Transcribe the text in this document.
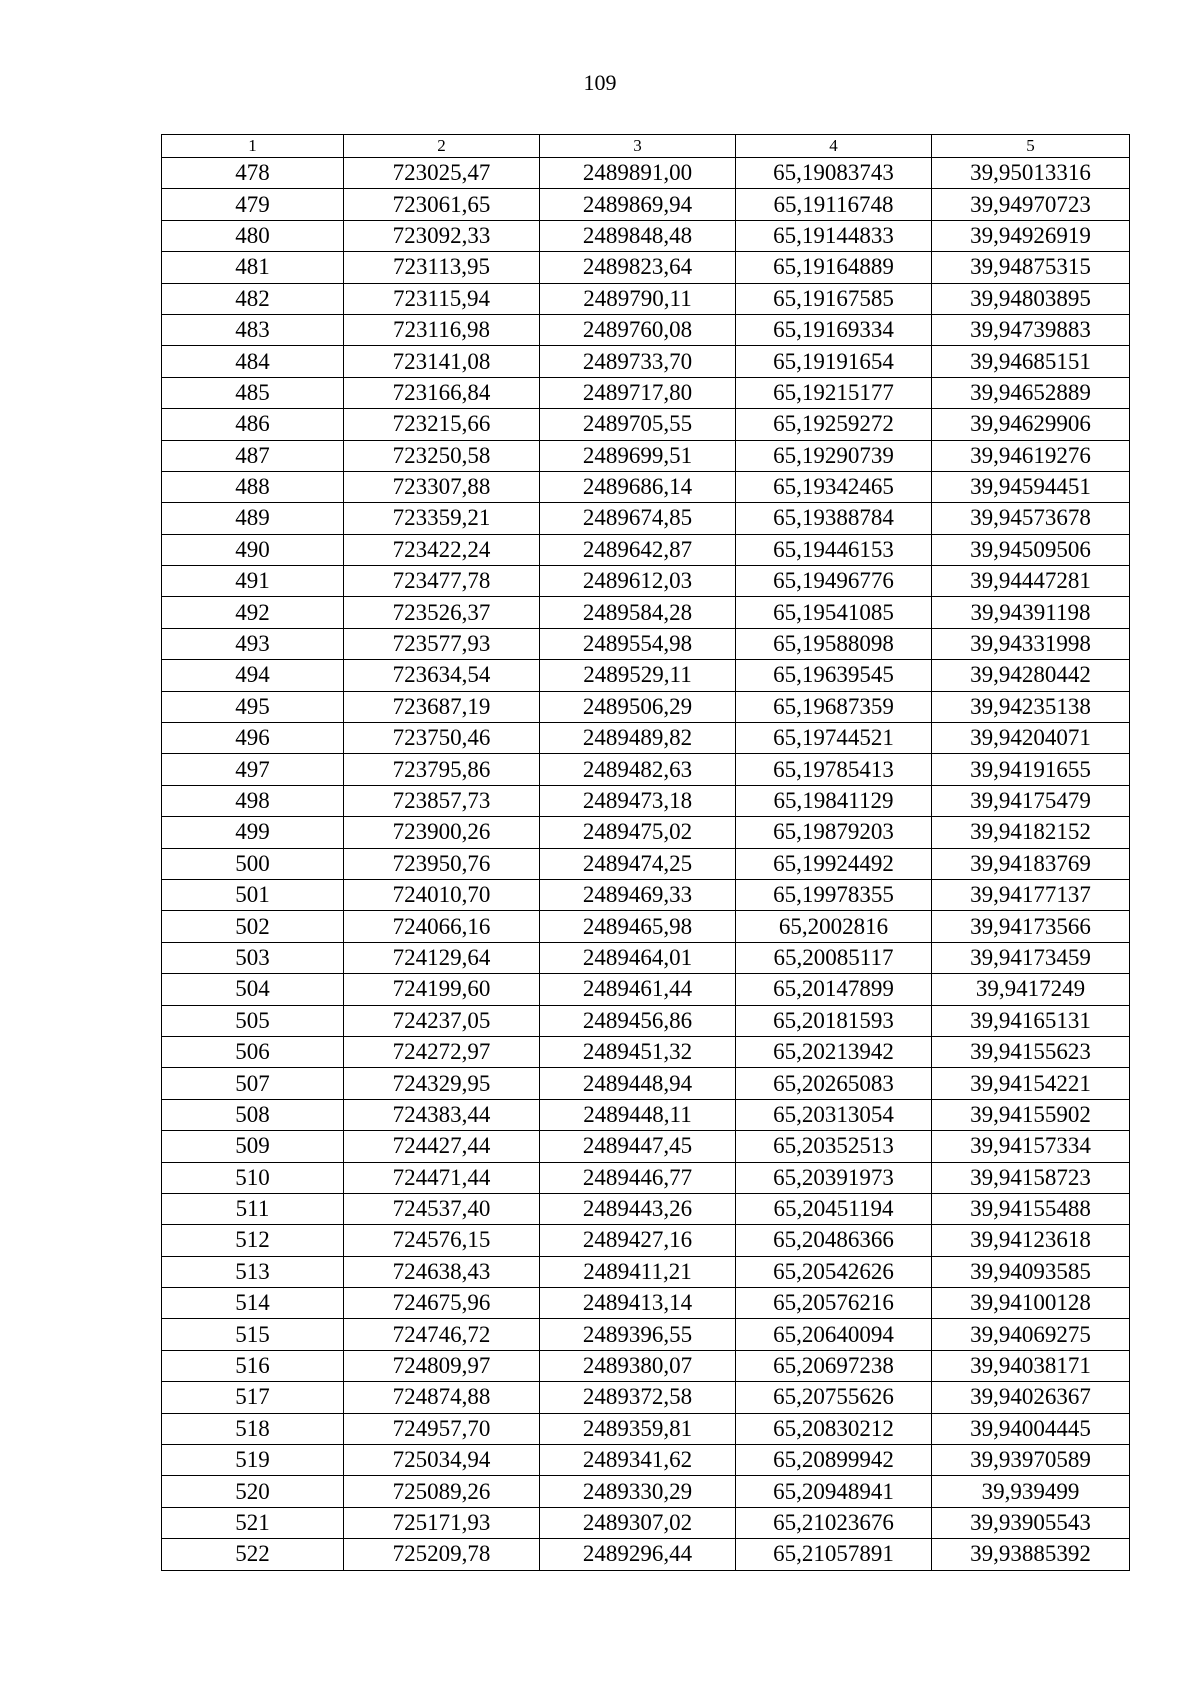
109
1	2	3	4	5
478	723025,47	2489891,00	65,19083743	39,95013316
479	723061,65	2489869,94	65,19116748	39,94970723
480	723092,33	2489848,48	65,19144833	39,94926919
481	723113,95	2489823,64	65,19164889	39,94875315
482	723115,94	2489790,11	65,19167585	39,94803895
483	723116,98	2489760,08	65,19169334	39,94739883
484	723141,08	2489733,70	65,19191654	39,94685151
485	723166,84	2489717,80	65,19215177	39,94652889
486	723215,66	2489705,55	65,19259272	39,94629906
487	723250,58	2489699,51	65,19290739	39,94619276
488	723307,88	2489686,14	65,19342465	39,94594451
489	723359,21	2489674,85	65,19388784	39,94573678
490	723422,24	2489642,87	65,19446153	39,94509506
491	723477,78	2489612,03	65,19496776	39,94447281
492	723526,37	2489584,28	65,19541085	39,94391198
493	723577,93	2489554,98	65,19588098	39,94331998
494	723634,54	2489529,11	65,19639545	39,94280442
495	723687,19	2489506,29	65,19687359	39,94235138
496	723750,46	2489489,82	65,19744521	39,94204071
497	723795,86	2489482,63	65,19785413	39,94191655
498	723857,73	2489473,18	65,19841129	39,94175479
499	723900,26	2489475,02	65,19879203	39,94182152
500	723950,76	2489474,25	65,19924492	39,94183769
501	724010,70	2489469,33	65,19978355	39,94177137
502	724066,16	2489465,98	65,2002816	39,94173566
503	724129,64	2489464,01	65,20085117	39,94173459
504	724199,60	2489461,44	65,20147899	39,9417249
505	724237,05	2489456,86	65,20181593	39,94165131
506	724272,97	2489451,32	65,20213942	39,94155623
507	724329,95	2489448,94	65,20265083	39,94154221
508	724383,44	2489448,11	65,20313054	39,94155902
509	724427,44	2489447,45	65,20352513	39,94157334
510	724471,44	2489446,77	65,20391973	39,94158723
511	724537,40	2489443,26	65,20451194	39,94155488
512	724576,15	2489427,16	65,20486366	39,94123618
513	724638,43	2489411,21	65,20542626	39,94093585
514	724675,96	2489413,14	65,20576216	39,94100128
515	724746,72	2489396,55	65,20640094	39,94069275
516	724809,97	2489380,07	65,20697238	39,94038171
517	724874,88	2489372,58	65,20755626	39,94026367
518	724957,70	2489359,81	65,20830212	39,94004445
519	725034,94	2489341,62	65,20899942	39,93970589
520	725089,26	2489330,29	65,20948941	39,939499
521	725171,93	2489307,02	65,21023676	39,93905543
522	725209,78	2489296,44	65,21057891	39,93885392
